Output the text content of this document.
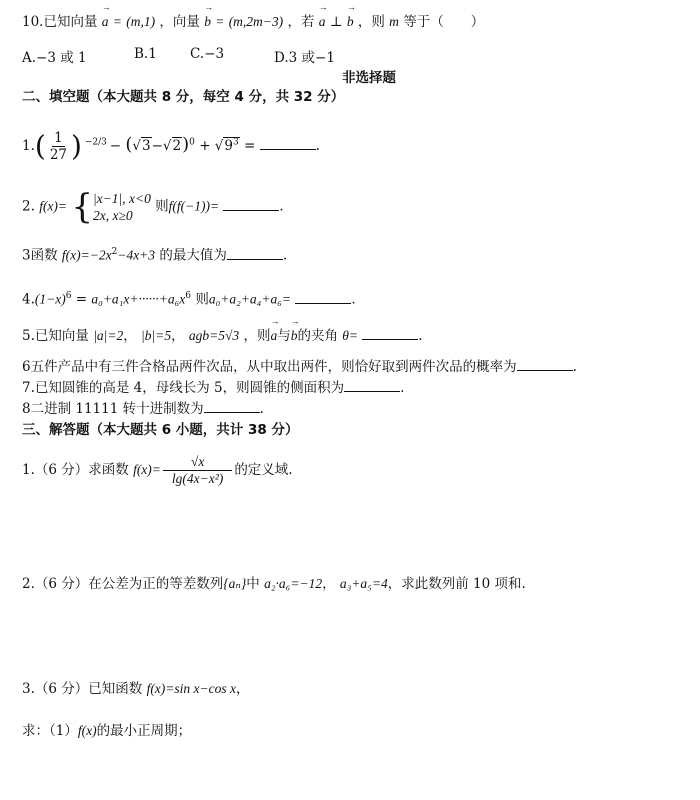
10.已知向量 → a = (m,1) ，向量 → b = (m,2m−3) ，若 → a ⊥ → b ，则 m 等于（　　）
A.−3 或 1	B.1 C.−3	D.3 或−1
非选择题
二、填空题（本大题共 8 分，每空 4 分，共 32 分）
$1.( \frac{1}{27}$ ) $^{-2/3} - (√3-√2)^0 + √9^3$ =	.
2. f(x)= { |x−1|, x<0
2x, x≥0
则f(f(−1))=	.
3函数 $f(x)=-2x^2-4x+3$ 的最大值为	.
$4.(1-x)^6 = a_0+a_1x+\cdot\cdot\cdot\cdot\cdot\cdot+a_6x^6$ 则a₀+a₂+a₄+a₆=	.
5.已知向量 |a|=2， |b|=5， agb=5√3 ，则→ a与→ b的夹角 θ=	.
6五件产品中有三件合格品两件次品，从中取出两件，则恰好取到两件次品的概率为	.
7.已知圆锥的高是 4，母线长为 5，则圆锥的侧面积为	.
8二进制 11111 转十进制数为	.
三、解答题（本大题共 6 小题，共计 38 分）
1.（6 分）求函数 $f(x)= \frac{√x}{\text{lg(4x−x²)}}$ 的定义域.
2.（6 分）在公差为正的等差数列{aₙ}中 a₂·a₆=−12， a₃+a₅=4，求此数列前 10 项和.
3.（6 分）已知函数 f(x)=sin x−cos x，
求：（1）f(x)的最小正周期；
